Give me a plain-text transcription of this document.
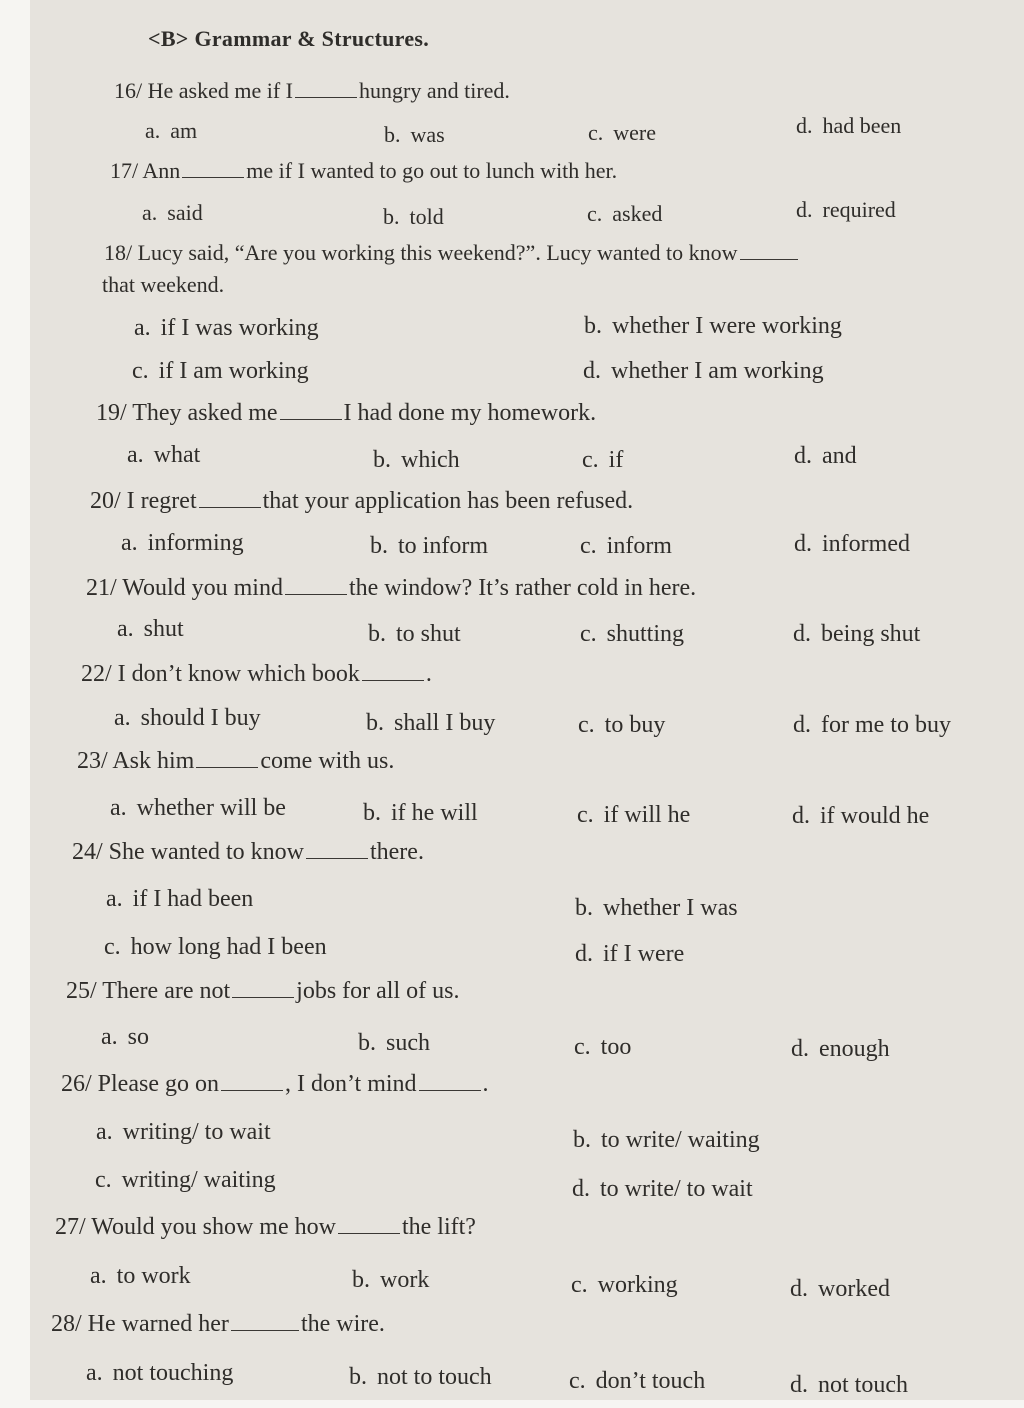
<B> Grammar & Structures.
16/ He asked me if I	hungry and tired.
a. am	b. was	c. were	d. had been
17/ Ann	me if I wanted to go out to lunch with her.
a. said	b. told	c. asked	d. required
18/ Lucy said, “Are you working this weekend?”. Lucy wanted to know
that weekend.
a. if I was working	b. whether I were working
c. if I am working	d. whether I am working
19/ They asked me	I had done my homework.
a. what	b. which	c. if	d. and
20/ I regret	that your application has been refused.
a. informing	b. to inform	c. inform	d. informed
21/ Would you mind	the window? It’s rather cold in here.
a. shut	b. to shut	c. shutting	d. being shut
22/ I don’t know which book	.
a. should I buy	b. shall I buy	c. to buy	d. for me to buy
23/ Ask him	come with us.
a. whether will be	b. if he will	c. if will he	d. if would he
24/ She wanted to know	there.
a. if I had been	b. whether I was
c. how long had I been	d. if I were
25/ There are not	jobs for all of us.
a. so	b. such	c. too	d. enough
26/ Please go on	, I don’t mind	.
a. writing/ to wait	b. to write/ waiting
c. writing/ waiting	d. to write/ to wait
27/ Would you show me how	the lift?
a. to work	b. work	c. working	d. worked
28/ He warned her	the wire.
a. not touching	b. not to touch	c. don’t touch	d. not touch
